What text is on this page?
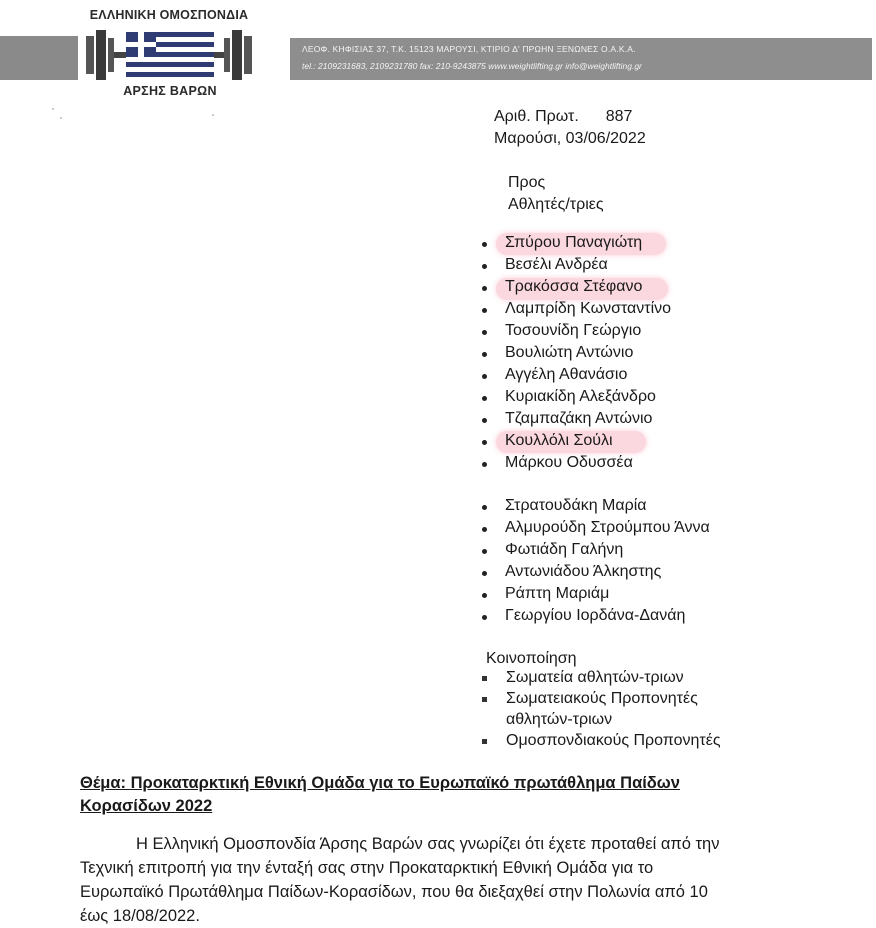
ΕΛΛΗΝΙΚΗ ΟΜΟΣΠΟΝΔΙΑ
ΛΕΟΦ. ΚΗΦΙΣΙΑΣ 37, Τ.Κ. 15123 ΜΑΡΟΥΣΙ, ΚΤΙΡΙΟ Δ' ΠΡΩΗΝ ΞΕΝΩΝΕΣ Ο.Α.Κ.Α.
tel.: 2109231683, 2109231780 fax: 210-9243875 www.weightlifting.gr info@weightlifting.gr
ΑΡΣΗΣ ΒΑΡΩΝ
Αριθ. Πρωτ. 887
Μαρούσι, 03/06/2022
Προς
Αθλητές/τριες
Σπύρου Παναγιώτη
Βεσέλι Ανδρέα
Τρακόσσα Στέφανο
Λαμπρίδη Κωνσταντίνο
Τοσουνίδη Γεώργιο
Βουλιώτη Αντώνιο
Αγγέλη Αθανάσιο
Κυριακίδη Αλεξάνδρο
Τζαμπαζάκη Αντώνιο
Κουλλόλι Σούλι
Μάρκου Οδυσσέα
Στρατουδάκη Μαρία
Αλμυρούδη Στρούμπου Άννα
Φωτιάδη Γαλήνη
Αντωνιάδου Άλκηστης
Ράπτη Μαριάμ
Γεωργίου Ιορδάνα-Δανάη
Κοινοποίηση
Σωματεία αθλητών-τριων
Σωματειακούς Προπονητές
αθλητών-τριων
Ομοσπονδιακούς Προπονητές
Θέμα: Προκαταρκτική Εθνική Ομάδα για το Ευρωπαϊκό πρωτάθλημα Παίδων
Κορασίδων 2022
Η Ελληνική Ομοσπονδία Άρσης Βαρών σας γνωρίζει ότι έχετε προταθεί από την
Τεχνική επιτροπή για την ένταξή σας στην Προκαταρκτική Εθνική Ομάδα για το
Ευρωπαϊκό Πρωτάθλημα Παίδων-Κορασίδων, που θα διεξαχθεί στην Πολωνία από 10
έως 18/08/2022.
